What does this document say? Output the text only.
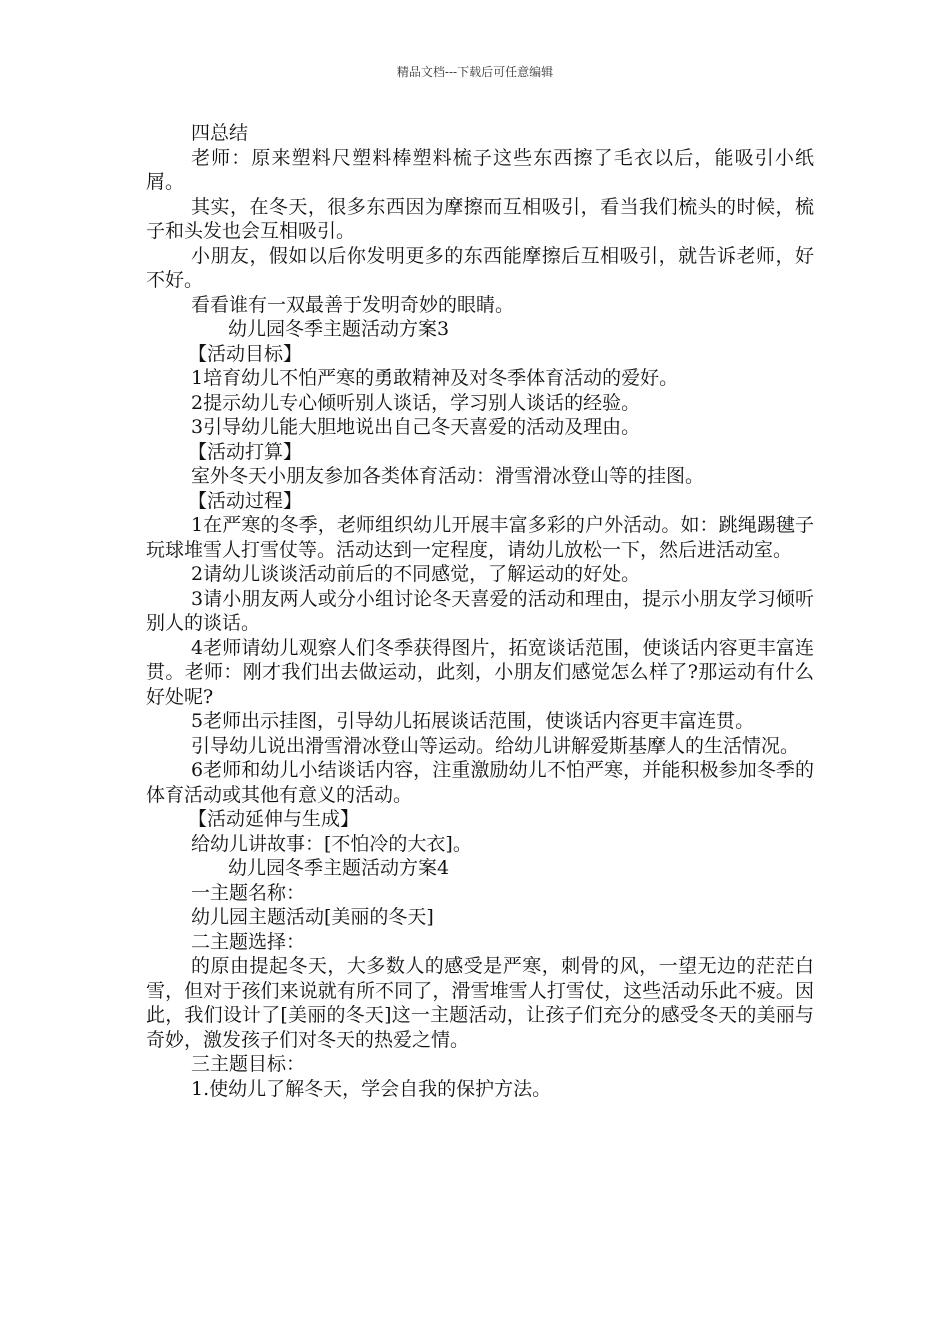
精品文档---下载后可任意编辑

四总结

老师：原来塑料尺塑料棒塑料梳子这些东西擦了毛衣以后，能吸引小纸屑。

其实，在冬天，很多东西因为摩擦而互相吸引，看当我们梳头的时候，梳子和头发也会互相吸引。

小朋友，假如以后你发明更多的东西能摩擦后互相吸引，就告诉老师，好不好。

看看谁有一双最善于发明奇妙的眼睛。

幼儿园冬季主题活动方案3

【活动目标】

1培育幼儿不怕严寒的勇敢精神及对冬季体育活动的爱好。

2提示幼儿专心倾听别人谈话，学习别人谈话的经验。

3引导幼儿能大胆地说出自己冬天喜爱的活动及理由。

【活动打算】

室外冬天小朋友参加各类体育活动：滑雪滑冰登山等的挂图。

【活动过程】

1在严寒的冬季，老师组织幼儿开展丰富多彩的户外活动。如：跳绳踢毽子玩球堆雪人打雪仗等。活动达到一定程度，请幼儿放松一下，然后进活动室。

2请幼儿谈谈活动前后的不同感觉，了解运动的好处。

3请小朋友两人或分小组讨论冬天喜爱的活动和理由，提示小朋友学习倾听别人的谈话。

4老师请幼儿观察人们冬季获得图片，拓宽谈话范围，使谈话内容更丰富连贯。老师：刚才我们出去做运动，此刻，小朋友们感觉怎么样了?那运动有什么好处呢?

5老师出示挂图，引导幼儿拓展谈话范围，使谈话内容更丰富连贯。

引导幼儿说出滑雪滑冰登山等运动。给幼儿讲解爱斯基摩人的生活情况。

6老师和幼儿小结谈话内容，注重激励幼儿不怕严寒，并能积极参加冬季的体育活动或其他有意义的活动。

【活动延伸与生成】

给幼儿讲故事：[不怕冷的大衣]。

幼儿园冬季主题活动方案4

一主题名称：

幼儿园主题活动[美丽的冬天]

二主题选择：

的原由提起冬天，大多数人的感受是严寒，刺骨的风，一望无边的茫茫白雪，但对于孩们来说就有所不同了，滑雪堆雪人打雪仗，这些活动乐此不疲。因此，我们设计了[美丽的冬天]这一主题活动，让孩子们充分的感受冬天的美丽与奇妙，激发孩子们对冬天的热爱之情。

三主题目标：

1.使幼儿了解冬天，学会自我的保护方法。
